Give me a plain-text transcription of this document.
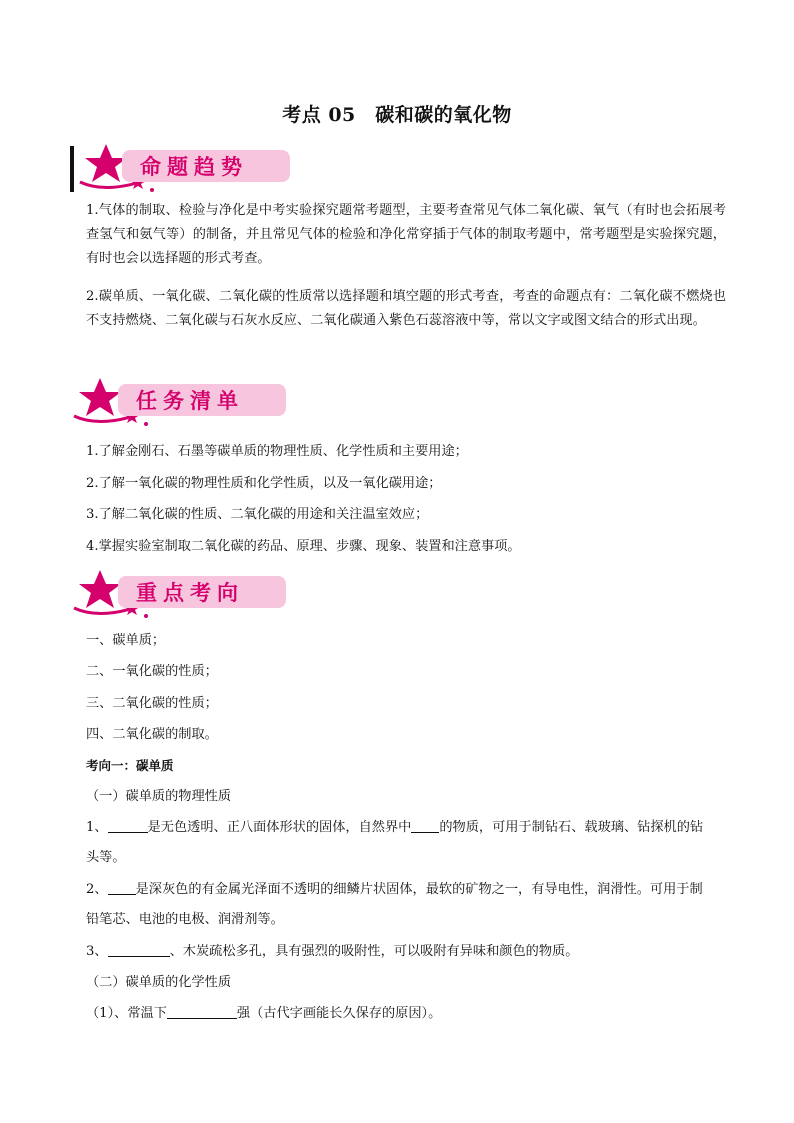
考点 05　碳和碳的氧化物
命题趋势
1.气体的制取、检验与净化是中考实验探究题常考题型，主要考查常见气体二氧化碳、氧气（有时也会拓展考查氢气和氨气等）的制备，并且常见气体的检验和净化常穿插于气体的制取考题中，常考题型是实验探究题，有时也会以选择题的形式考查。
2.碳单质、一氧化碳、二氧化碳的性质常以选择题和填空题的形式考查，考查的命题点有：二氧化碳不燃烧也不支持燃烧、二氧化碳与石灰水反应、二氧化碳通入紫色石蕊溶液中等，常以文字或图文结合的形式出现。
任务清单
1.了解金刚石、石墨等碳单质的物理性质、化学性质和主要用途；
2.了解一氧化碳的物理性质和化学性质，以及一氧化碳用途；
3.了解二氧化碳的性质、二氧化碳的用途和关注温室效应；
4.掌握实验室制取二氧化碳的药品、原理、步骤、现象、装置和注意事项。
重点考向
一、碳单质；
二、一氧化碳的性质；
三、二氧化碳的性质；
四、二氧化碳的制取。
考向一：碳单质
（一）碳单质的物理性质
1、	是无色透明、正八面体形状的固体，自然界中 的物质，可用于制钻石、载玻璃、钻探机的钻
头等。
2、 是深灰色的有金属光泽面不透明的细鳞片状固体，最软的矿物之一，有导电性，润滑性。可用于制
铅笔芯、电池的电极、润滑剂等。
3、	、木炭疏松多孔，具有强烈的吸附性，可以吸附有异味和颜色的物质。
（二）碳单质的化学性质
（1）、常温下	强（古代字画能长久保存的原因）。
